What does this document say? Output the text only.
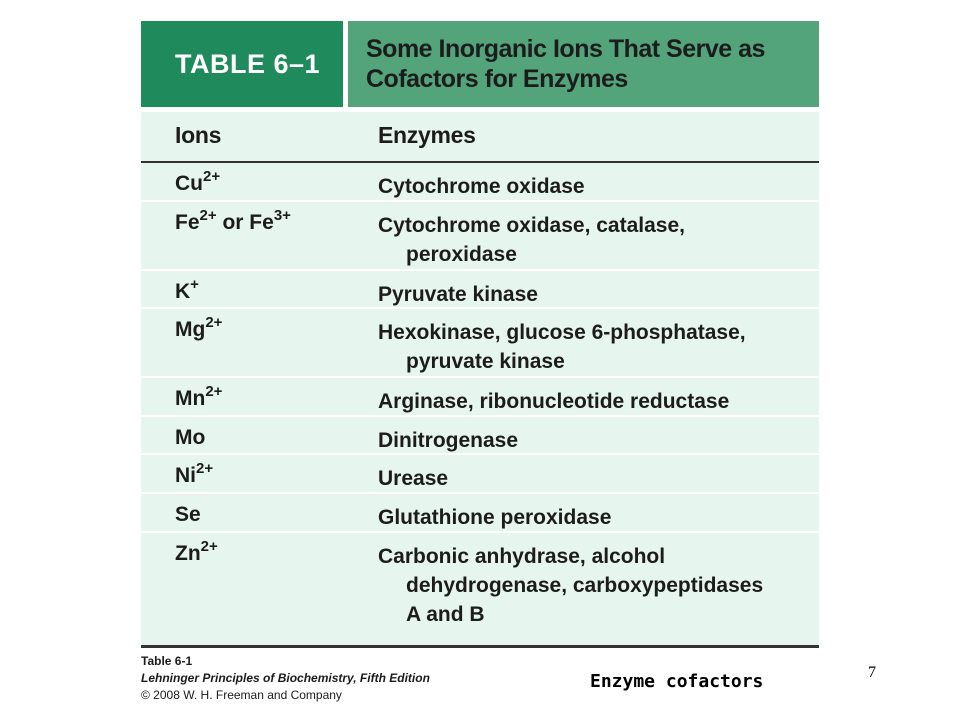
TABLE 6–1 Some Inorganic Ions That Serve as
Cofactors for Enzymes
Ions	Enzymes
$Cu^{2+}$	Cytochrome oxidase
$Fe^{2+}$ or $Fe^{3+}$	Cytochrome oxidase, catalase,
peroxidase
K+	Pyruvate kinase
$Mg^{2+}$	Hexokinase, glucose 6-phosphatase,
pyruvate kinase
$Mn^{2+}$	Arginase, ribonucleotide reductase
Mo	Dinitrogenase
$Ni^{2+}$	Urease
Se	Glutathione peroxidase
$Zn^{2+}$	Carbonic anhydrase, alcohol
dehydrogenase, carboxypeptidases
A and B
Table 6-1
Lehninger Principles of Biochemistry, Fifth Edition
© 2008 W. H. Freeman and Company
Enzyme cofactors	7
